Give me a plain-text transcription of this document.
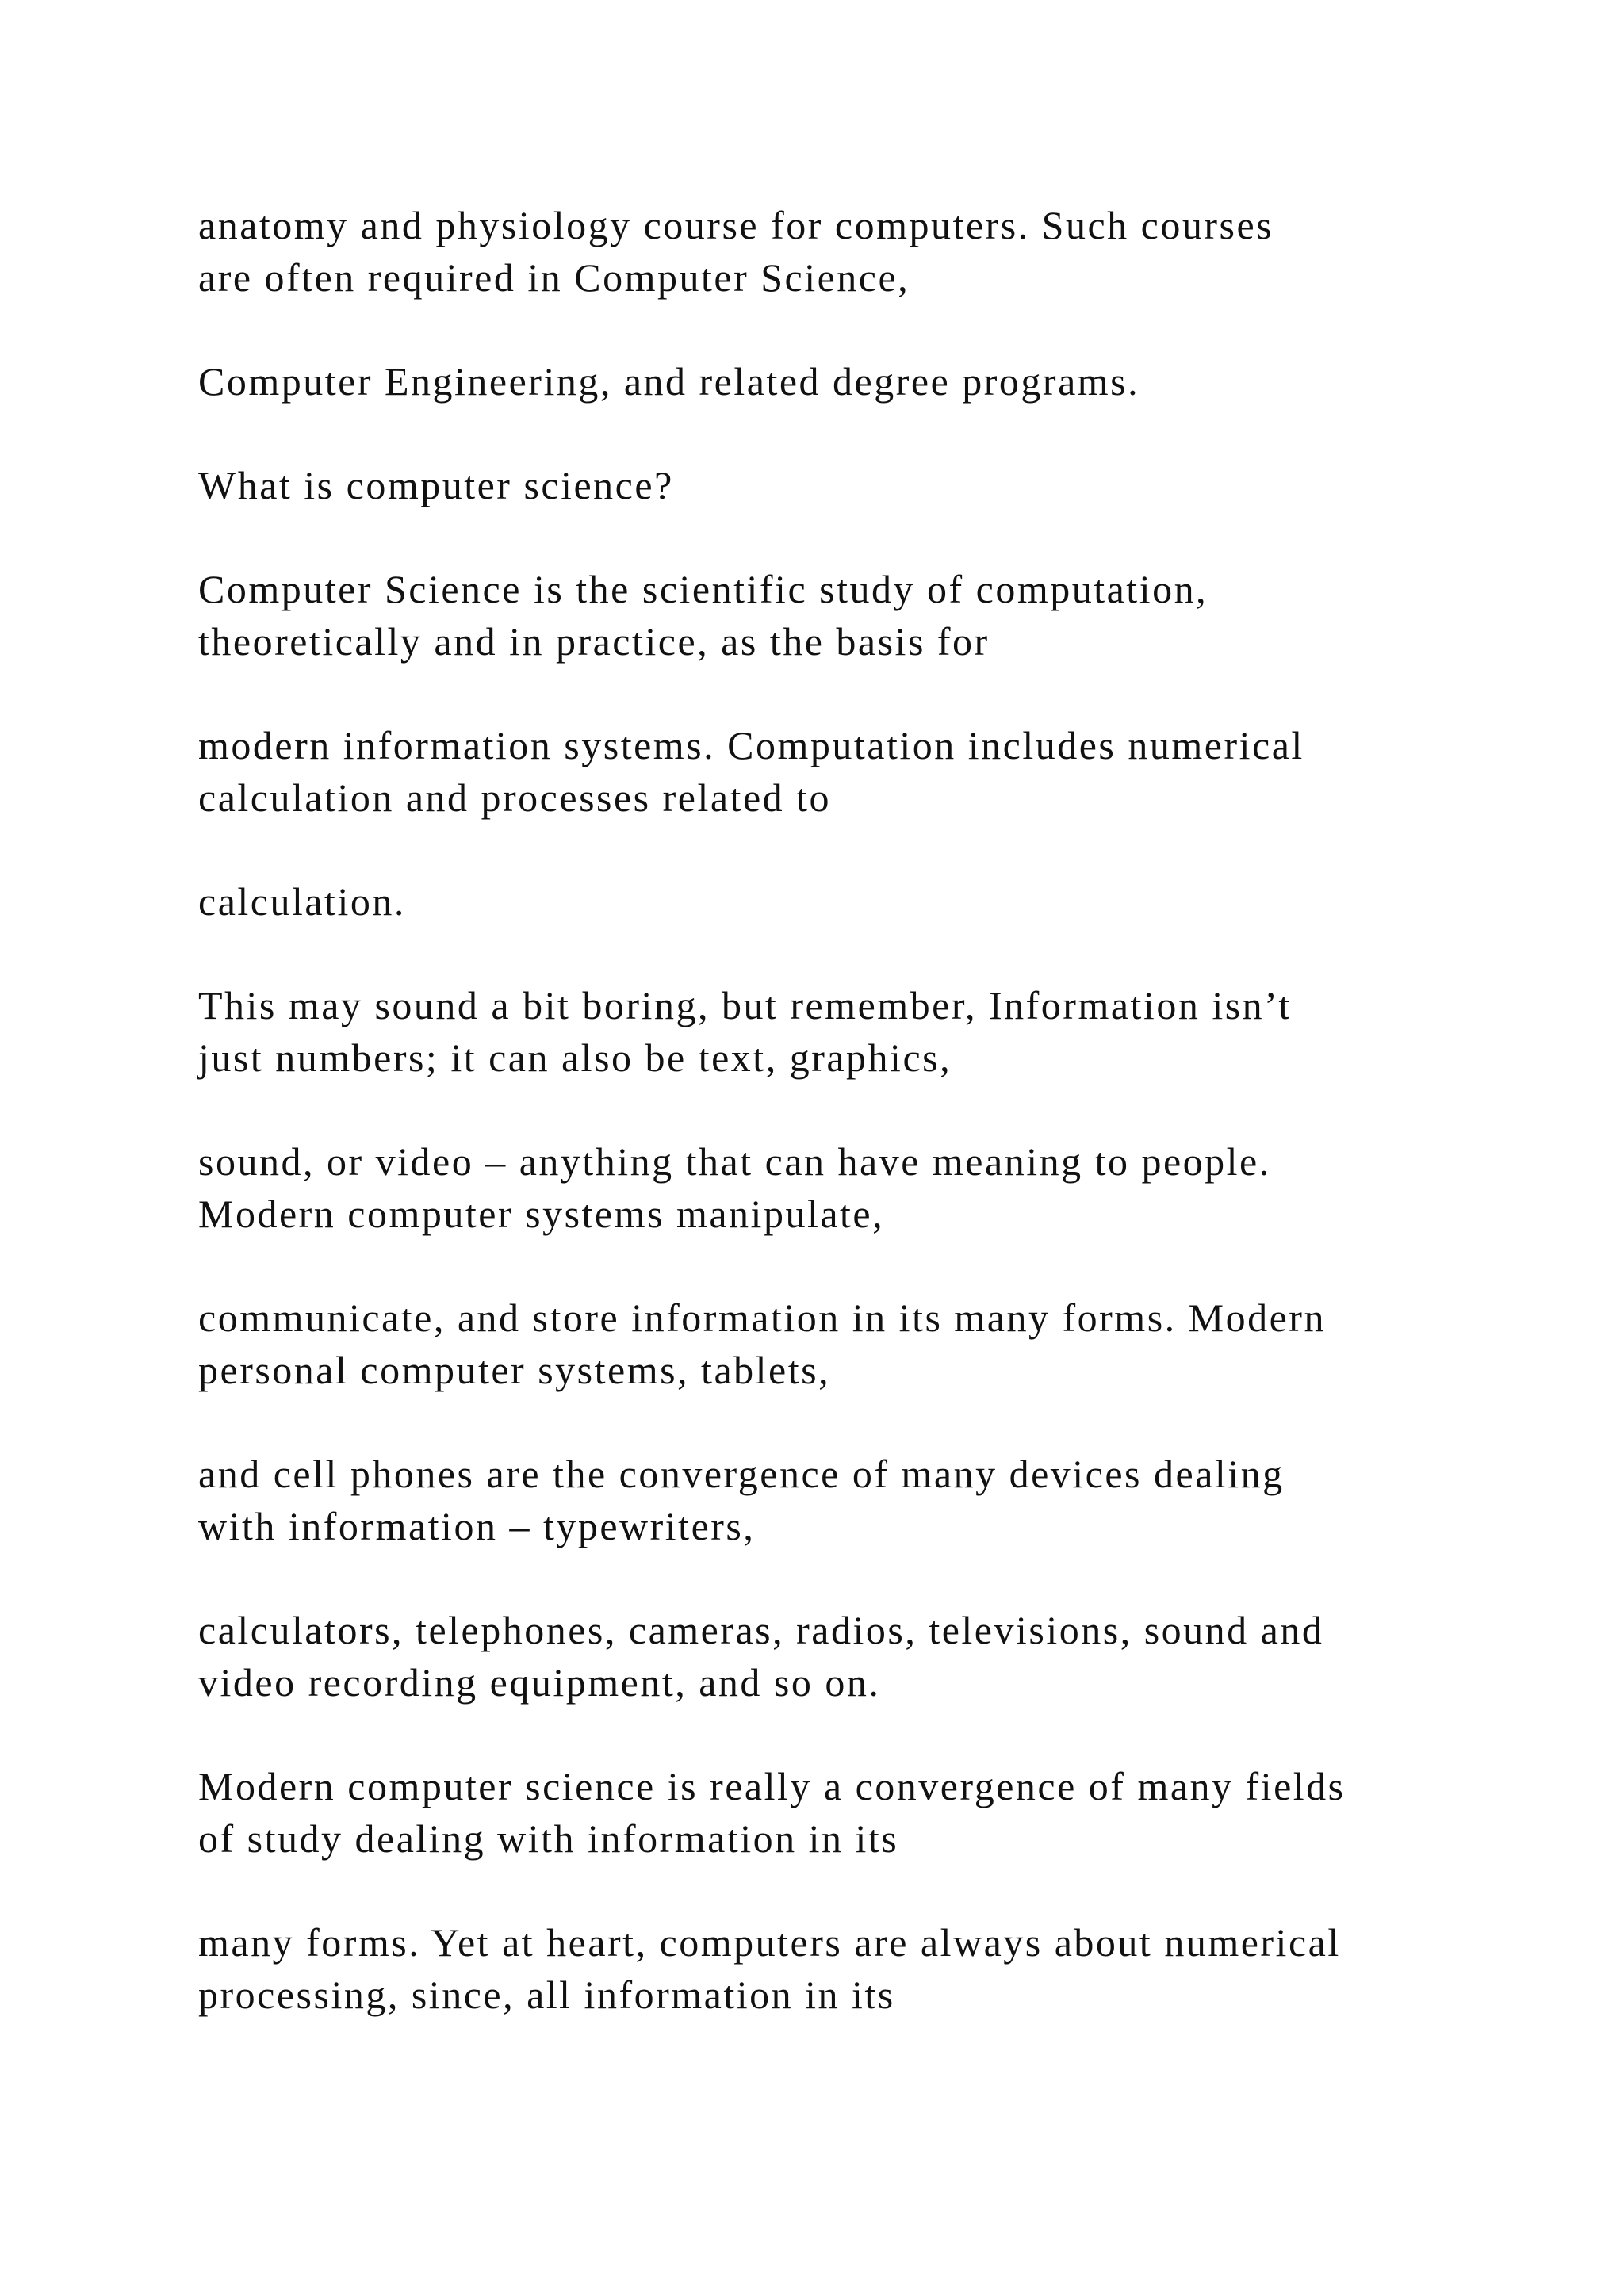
anatomy and physiology course for computers. Such courses
are often required in Computer Science,

Computer Engineering, and related degree programs.

What is computer science?

Computer Science is the scientific study of computation,
theoretically and in practice, as the basis for

modern information systems. Computation includes numerical
calculation and processes related to

calculation.

This may sound a bit boring, but remember, Information isn’t
just numbers; it can also be text, graphics,

sound, or video – anything that can have meaning to people.
Modern computer systems manipulate,

communicate, and store information in its many forms. Modern
personal computer systems, tablets,

and cell phones are the convergence of many devices dealing
with information – typewriters,

calculators, telephones, cameras, radios, televisions, sound and
video recording equipment, and so on.

Modern computer science is really a convergence of many fields
of study dealing with information in its

many forms. Yet at heart, computers are always about numerical
processing, since, all information in its
